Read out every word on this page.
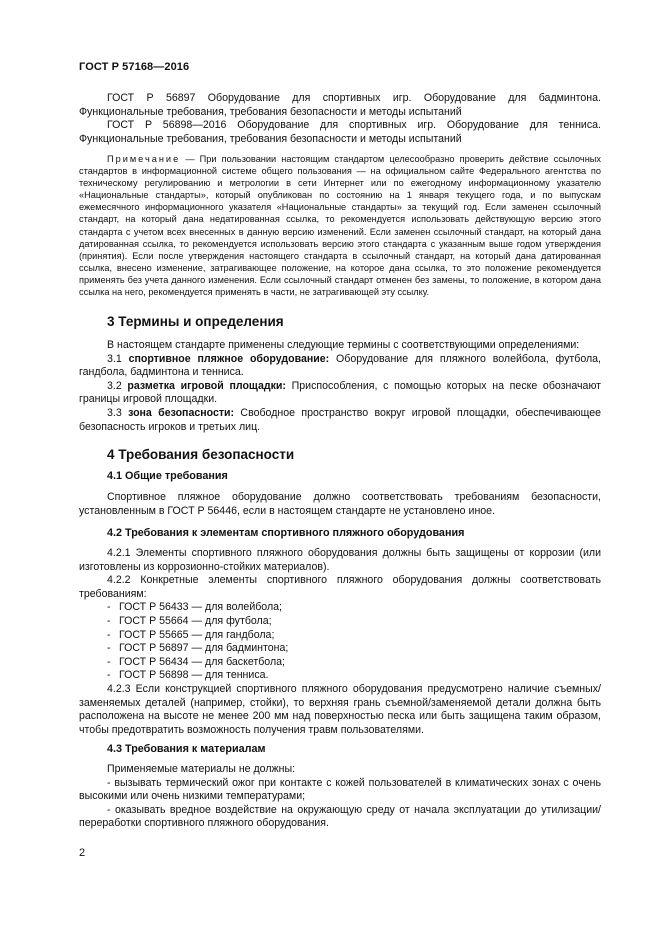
ГОСТ Р 57168—2016

ГОСТ Р 56897 Оборудование для спортивных игр. Оборудование для бадминтона. Функциональные требования, требования безопасности и методы испытаний

ГОСТ Р 56898—2016 Оборудование для спортивных игр. Оборудование для тенниса. Функциональные требования, требования безопасности и методы испытаний

Примечание — При пользовании настоящим стандартом целесообразно проверить действие ссылочных стандартов в информационной системе общего пользования — на официальном сайте Федерального агентства по техническому регулированию и метрологии в сети Интернет или по ежегодному информационному указателю «Национальные стандарты», который опубликован по состоянию на 1 января текущего года, и по выпускам ежемесячного информационного указателя «Национальные стандарты» за текущий год. Если заменен ссылочный стандарт, на который дана недатированная ссылка, то рекомендуется использовать действующую версию этого стандарта с учетом всех внесенных в данную версию изменений. Если заменен ссылочный стандарт, на который дана датированная ссылка, то рекомендуется использовать версию этого стандарта с указанным выше годом утверждения (принятия). Если после утверждения настоящего стандарта в ссылочный стандарт, на который дана датированная ссылка, внесено изменение, затрагивающее положение, на которое дана ссылка, то это положение рекомендуется применять без учета данного изменения. Если ссылочный стандарт отменен без замены, то положение, в котором дана ссылка на него, рекомендуется применять в части, не затрагивающей эту ссылку.

3 Термины и определения

В настоящем стандарте применены следующие термины с соответствующими определениями:

3.1 спортивное пляжное оборудование: Оборудование для пляжного волейбола, футбола, гандбола, бадминтона и тенниса.

3.2 разметка игровой площадки: Приспособления, с помощью которых на песке обозначают границы игровой площадки.

3.3 зона безопасности: Свободное пространство вокруг игровой площадки, обеспечивающее безопасность игроков и третьих лиц.

4 Требования безопасности
4.1 Общие требования

Спортивное пляжное оборудование должно соответствовать требованиям безопасности, установленным в ГОСТ Р 56446, если в настоящем стандарте не установлено иное.

4.2 Требования к элементам спортивного пляжного оборудования

4.2.1 Элементы спортивного пляжного оборудования должны быть защищены от коррозии (или изготовлены из коррозионно-стойких материалов).

4.2.2 Конкретные элементы спортивного пляжного оборудования должны соответствовать требованиям:

- ГОСТ Р 56433 — для волейбола;
- ГОСТ Р 55664 — для футбола;
- ГОСТ Р 55665 — для гандбола;
- ГОСТ Р 56897 — для бадминтона;
- ГОСТ Р 56434 — для баскетбола;
- ГОСТ Р 56898 — для тенниса.

4.2.3 Если конструкцией спортивного пляжного оборудования предусмотрено наличие съемных/заменяемых деталей (например, стойки), то верхняя грань съемной/заменяемой детали должна быть расположена на высоте не менее 200 мм над поверхностью песка или быть защищена таким образом, чтобы предотвратить возможность получения травм пользователями.

4.3 Требования к материалам

Применяемые материалы не должны:

- вызывать термический ожог при контакте с кожей пользователей в климатических зонах с очень высокими или очень низкими температурами;

- оказывать вредное воздействие на окружающую среду от начала эксплуатации до утилизации/переработки спортивного пляжного оборудования.

2
